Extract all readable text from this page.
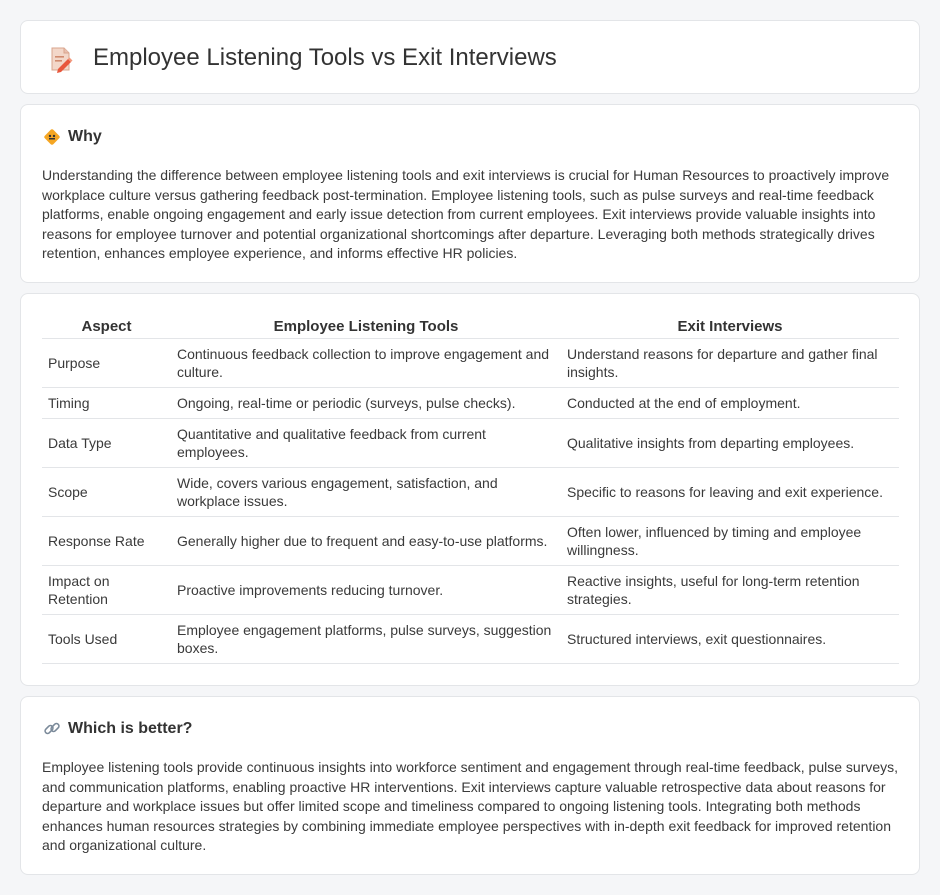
Employee Listening Tools vs Exit Interviews
Why

Understanding the difference between employee listening tools and exit interviews is crucial for Human Resources to proactively improve workplace culture versus gathering feedback post-termination. Employee listening tools, such as pulse surveys and real-time feedback platforms, enable ongoing engagement and early issue detection from current employees. Exit interviews provide valuable insights into reasons for employee turnover and potential organizational shortcomings after departure. Leveraging both methods strategically drives retention, enhances employee experience, and informs effective HR policies.

Aspect	Employee Listening Tools	Exit Interviews
Purpose	Continuous feedback collection to improve engagement and culture.	Understand reasons for departure and gather final insights.
Timing	Ongoing, real-time or periodic (surveys, pulse checks).	Conducted at the end of employment.
Data Type	Quantitative and qualitative feedback from current employees.	Qualitative insights from departing employees.
Scope	Wide, covers various engagement, satisfaction, and workplace issues.	Specific to reasons for leaving and exit experience.
Response Rate	Generally higher due to frequent and easy-to-use platforms.	Often lower, influenced by timing and employee willingness.
Impact on Retention	Proactive improvements reducing turnover.	Reactive insights, useful for long-term retention strategies.
Tools Used	Employee engagement platforms, pulse surveys, suggestion boxes.	Structured interviews, exit questionnaires.
Which is better?

Employee listening tools provide continuous insights into workforce sentiment and engagement through real-time feedback, pulse surveys, and communication platforms, enabling proactive HR interventions. Exit interviews capture valuable retrospective data about reasons for departure and workplace issues but offer limited scope and timeliness compared to ongoing listening tools. Integrating both methods enhances human resources strategies by combining immediate employee perspectives with in-depth exit feedback for improved retention and organizational culture.
